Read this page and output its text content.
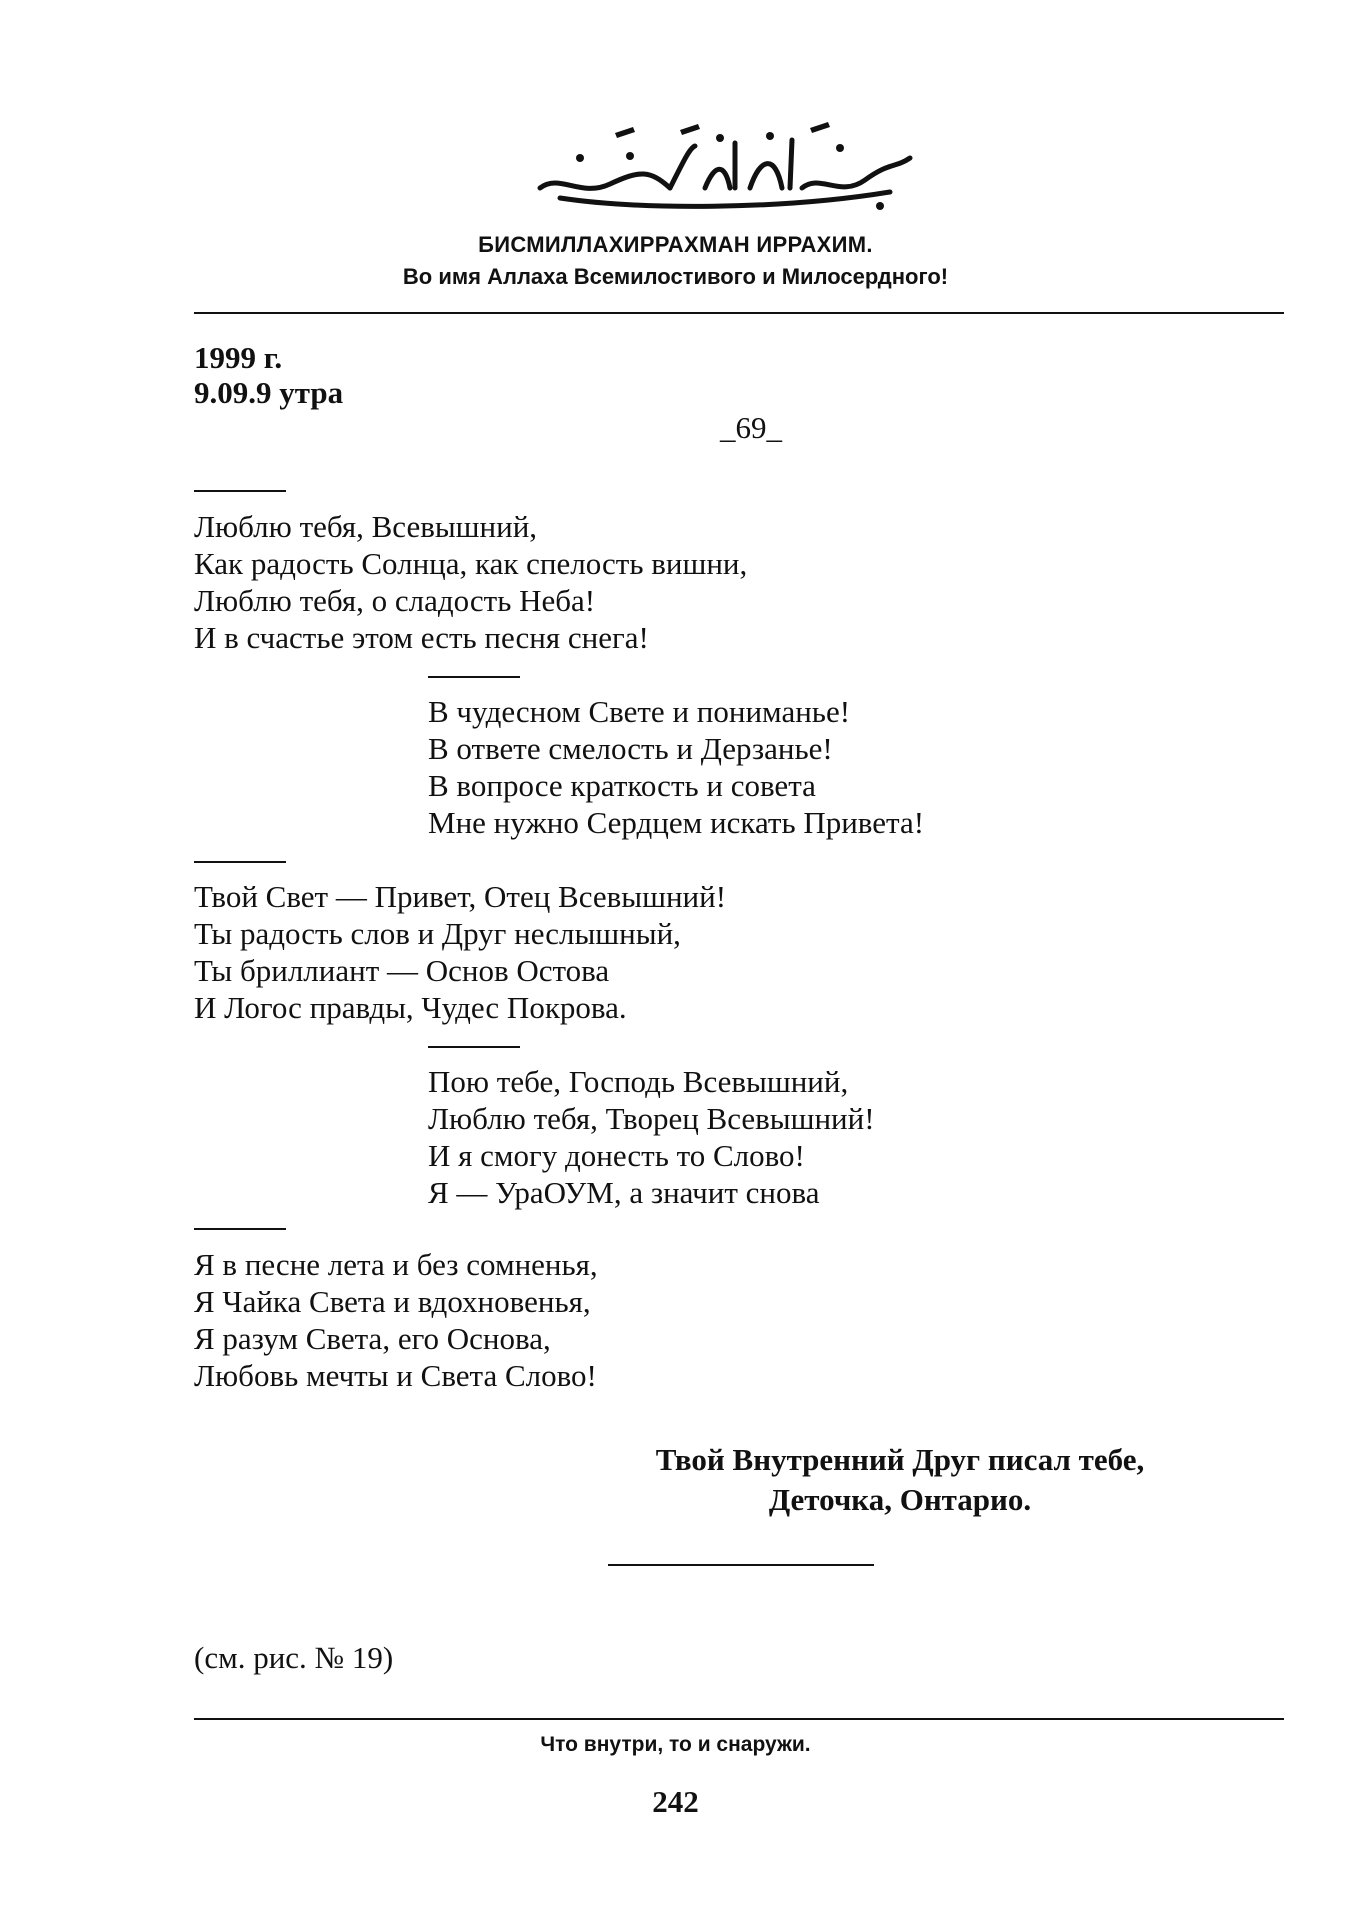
БИСМИЛЛАХИРРАХМАН ИРРАХИМ.
Во имя Аллаха Всемилостивого и Милосердного!
1999 г.
9.09.9 утра
_69_
Люблю тебя, Всевышний,
Как радость Солнца, как спелость вишни,
Люблю тебя, о сладость Неба!
И в счастье этом есть песня снега!
В чудесном Свете и пониманье!
В ответе смелость и Дерзанье!
В вопросе краткость и совета
Мне нужно Сердцем искать Привета!
Твой Свет — Привет, Отец Всевышний!
Ты радость слов и Друг неслышный,
Ты бриллиант — Основ Остова
И Логос правды, Чудес Покрова.
Пою тебе, Господь Всевышний,
Люблю тебя, Творец Всевышний!
И я смогу донесть то Слово!
Я — УраОУМ, а значит снова
Я в песне лета и без сомненья,
Я Чайка Света и вдохновенья,
Я разум Света, его Основа,
Любовь мечты и Света Слово!
Твой Внутренний Друг писал тебе,
Деточка, Онтарио.
(см. рис. № 19)
Что внутри, то и снаружи.
242
